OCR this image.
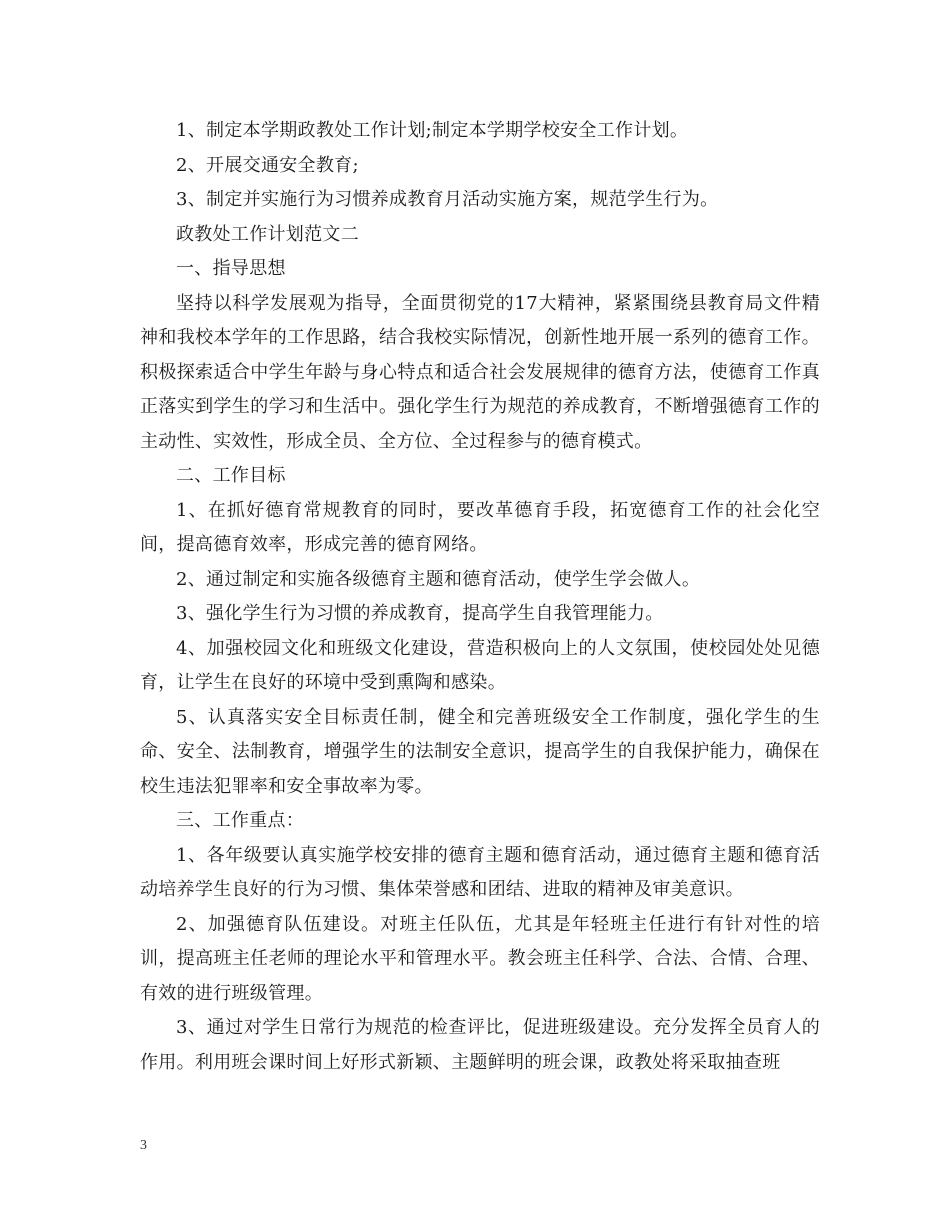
1、制定本学期政教处工作计划;制定本学期学校安全工作计划。

2、开展交通安全教育;

3、制定并实施行为习惯养成教育月活动实施方案，规范学生行为。

政教处工作计划范文二

一、指导思想

坚持以科学发展观为指导，全面贯彻党的17大精神，紧紧围绕县教育局文件精神和我校本学年的工作思路，结合我校实际情况，创新性地开展一系列的德育工作。积极探索适合中学生年龄与身心特点和适合社会发展规律的德育方法，使德育工作真正落实到学生的学习和生活中。强化学生行为规范的养成教育，不断增强德育工作的主动性、实效性，形成全员、全方位、全过程参与的德育模式。

二、工作目标

1、在抓好德育常规教育的同时，要改革德育手段，拓宽德育工作的社会化空间，提高德育效率，形成完善的德育网络。

2、通过制定和实施各级德育主题和德育活动，使学生学会做人。

3、强化学生行为习惯的养成教育，提高学生自我管理能力。

4、加强校园文化和班级文化建设，营造积极向上的人文氛围，使校园处处见德育，让学生在良好的环境中受到熏陶和感染。

5、认真落实安全目标责任制，健全和完善班级安全工作制度，强化学生的生命、安全、法制教育，增强学生的法制安全意识，提高学生的自我保护能力，确保在校生违法犯罪率和安全事故率为零。

三、工作重点：

1、各年级要认真实施学校安排的德育主题和德育活动，通过德育主题和德育活动培养学生良好的行为习惯、集体荣誉感和团结、进取的精神及审美意识。

2、加强德育队伍建设。对班主任队伍，尤其是年轻班主任进行有针对性的培训，提高班主任老师的理论水平和管理水平。教会班主任科学、合法、合情、合理、有效的进行班级管理。

3、通过对学生日常行为规范的检查评比，促进班级建设。充分发挥全员育人的作用。利用班会课时间上好形式新颖、主题鲜明的班会课，政教处将采取抽查班

3
